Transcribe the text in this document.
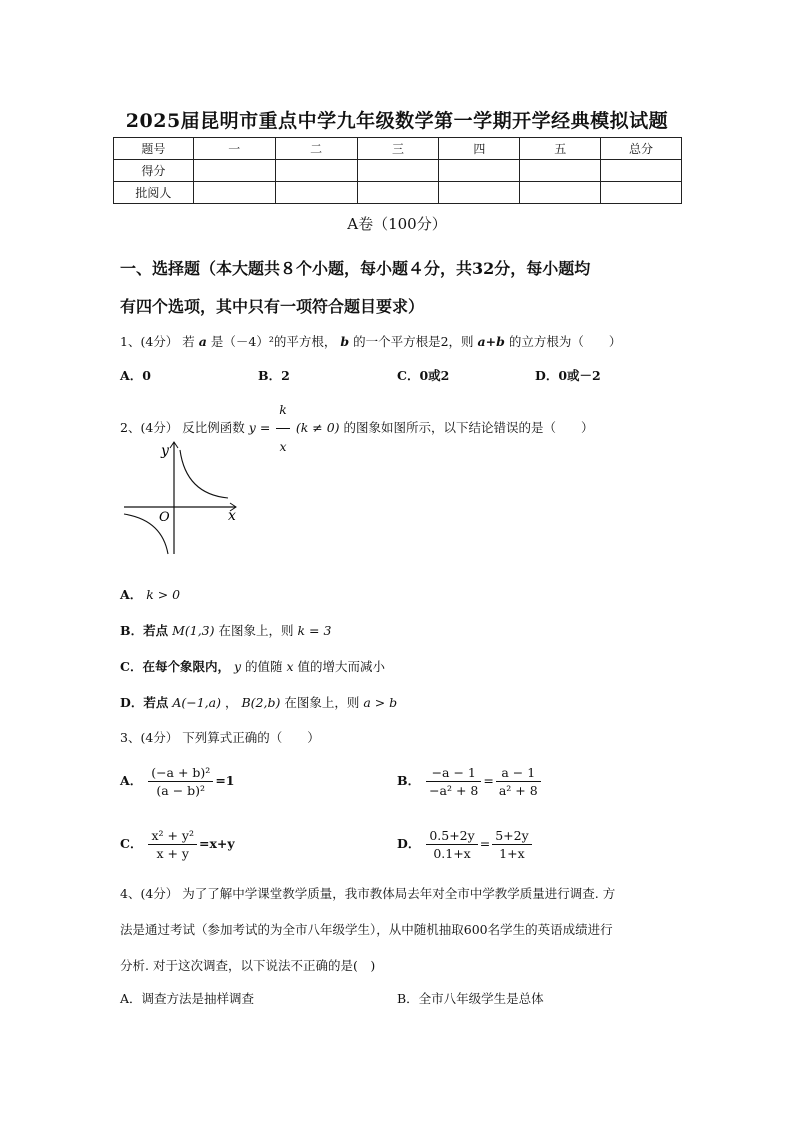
2025届昆明市重点中学九年级数学第一学期开学经典模拟试题
题号	一	二	三	四	五	总分
得分						
批阅人						
A卷（100分）
一、选择题（本大题共８个小题，每小题４分，共32分，每小题均
有四个选项，其中只有一项符合题目要求）
1、(4分） 若 a 是（－4）²的平方根， b 的一个平方根是2，则 a+b 的立方根为（　　）
A．0	B．2	C．0或2	D．0或－2
2、(4分） 反比例函数 $y = \frac{k}{x} (k \ne 0)$ 的图象如图所示，以下结论错误的是（　　）
y
x
O
A． k > 0
B．若点 M(1,3) 在图象上，则 k = 3
C．在每个象限内， y 的值随 x 值的增大而减小
D．若点 A(−1,a) ， B(2,b) 在图象上，则 a > b
3、(4分） 下列算式正确的（　　）
A． $\frac{\text{(−a + b)²}}{\text{(a − b)²}} =1$	B． $\frac{-a - 1}{\text{−a² + 8}} = \frac{a - 1}{\text{a² + 8}}$
C． $\frac{\text{x² + y²}}{x + y} =x+y$	D． $\frac{0.5+2y}{0.1+x} = \frac{5+2y}{1+x}$
4、(4分） 为了了解中学课堂教学质量，我市教体局去年对全市中学教学质量进行调查. 方
法是通过考试（参加考试的为全市八年级学生），从中随机抽取600名学生的英语成绩进行
分析. 对于这次调查，以下说法不正确的是(　)
A．调查方法是抽样调查	B．全市八年级学生是总体
